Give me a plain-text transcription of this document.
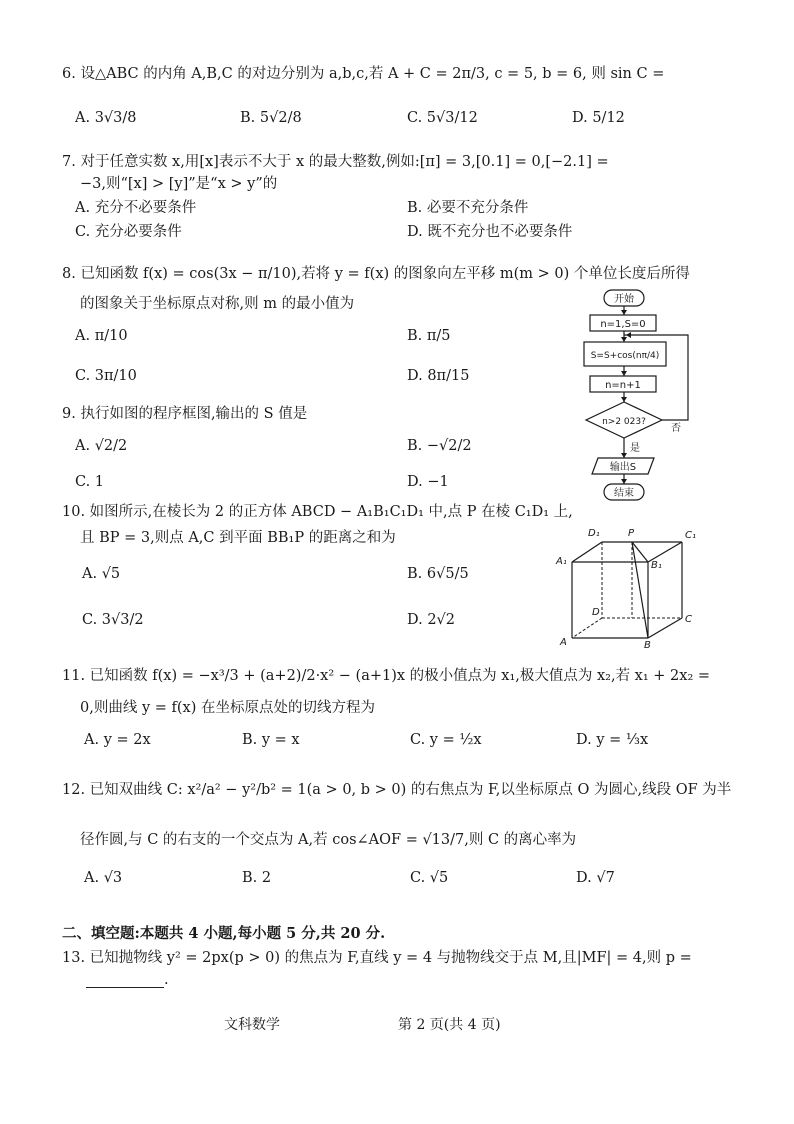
6. 设△ABC 的内角 A,B,C 的对边分别为 a,b,c,若 A + C = 2π/3, c = 5, b = 6, 则 sin C =
A. 3√3/8	B. 5√2/8	C. 5√3/12	D. 5/12
7. 对于任意实数 x,用[x]表示不大于 x 的最大整数,例如:[π] = 3,[0.1] = 0,[−2.1] =
−3,则“[x] > [y]”是“x > y”的
A. 充分不必要条件	B. 必要不充分条件
C. 充分必要条件	D. 既不充分也不必要条件
8. 已知函数 f(x) = cos(3x − π/10),若将 y = f(x) 的图象向左平移 m(m > 0) 个单位长度后所得
的图象关于坐标原点对称,则 m 的最小值为
A. π/10	B. π/5
C. 3π/10	D. 8π/15
9. 执行如图的程序框图,输出的 S 值是
A. √2/2	B. −√2/2
C. 1	D. −1
开始
n=1,S=0
S=S+cos(nπ/4)
n=n+1
n>2 023?
否
是
输出S
结束
10. 如图所示,在棱长为 2 的正方体 ABCD − A₁B₁C₁D₁ 中,点 P 在棱 C₁D₁ 上,
且 BP = 3,则点 A,C 到平面 BB₁P 的距离之和为
A. √5	B. 6√5/5
C. 3√3/2	D. 2√2
D₁	P	C₁
A₁	B₁
D
C
A	B
11. 已知函数 f(x) = −x³/3 + (a+2)/2·x² − (a+1)x 的极小值点为 x₁,极大值点为 x₂,若 x₁ + 2x₂ =
0,则曲线 y = f(x) 在坐标原点处的切线方程为
A. y = 2x	B. y = x	C. y = ½x	D. y = ⅓x
12. 已知双曲线 C: x²/a² − y²/b² = 1(a > 0, b > 0) 的右焦点为 F,以坐标原点 O 为圆心,线段 OF 为半
径作圆,与 C 的右支的一个交点为 A,若 cos∠AOF = √13/7,则 C 的离心率为
A. √3	B. 2	C. √5	D. √7
二、填空题:本题共 4 小题,每小题 5 分,共 20 分.
13. 已知抛物线 y² = 2px(p > 0) 的焦点为 F,直线 y = 4 与抛物线交于点 M,且|MF| = 4,则 p =
.
文科数学	第 2 页(共 4 页)
